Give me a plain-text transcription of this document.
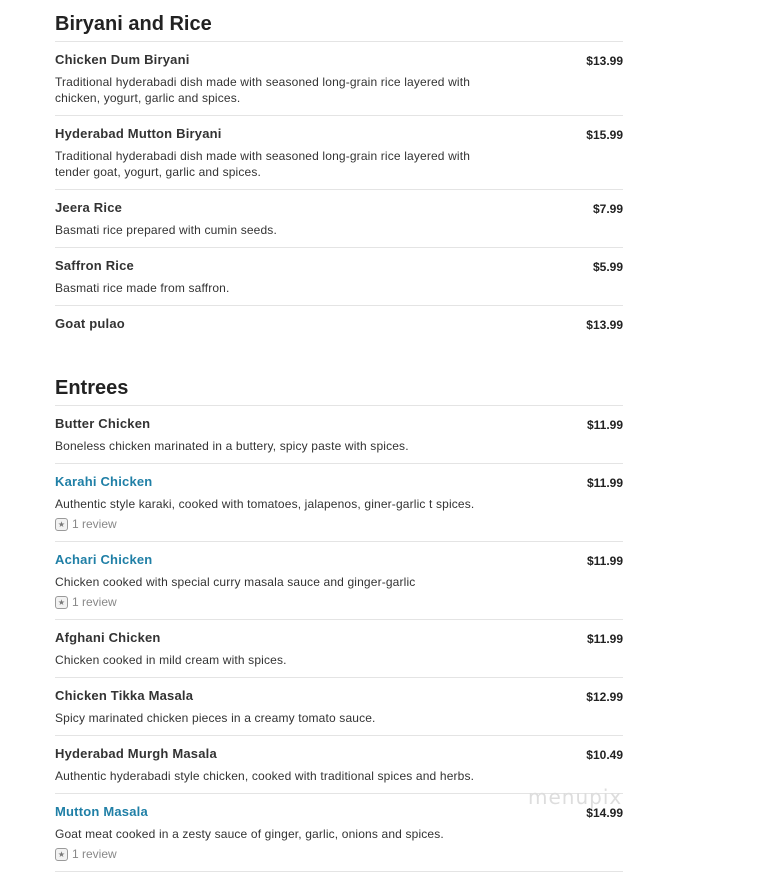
Biryani and Rice
Chicken Dum Biryani	$13.99
Traditional hyderabadi dish made with seasoned long-grain rice layered with chicken, yogurt, garlic and spices.
Hyderabad Mutton Biryani	$15.99
Traditional hyderabadi dish made with seasoned long-grain rice layered with tender goat, yogurt, garlic and spices.
Jeera Rice	$7.99
Basmati rice prepared with cumin seeds.
Saffron Rice	$5.99
Basmati rice made from saffron.
Goat pulao	$13.99
Entrees
Butter Chicken	$11.99
Boneless chicken marinated in a buttery, spicy paste with spices.
Karahi Chicken	$11.99
Authentic style karaki, cooked with tomatoes, jalapenos, giner-garlic t spices.
★ 1 review
Achari Chicken	$11.99
Chicken cooked with special curry masala sauce and ginger-garlic
★ 1 review
Afghani Chicken	$11.99
Chicken cooked in mild cream with spices.
Chicken Tikka Masala	$12.99
Spicy marinated chicken pieces in a creamy tomato sauce.
Hyderabad Murgh Masala	$10.49
Authentic hyderabadi style chicken, cooked with traditional spices and herbs.
Mutton Masala	$14.99
Goat meat cooked in a zesty sauce of ginger, garlic, onions and spices.
★ 1 review
menupix
